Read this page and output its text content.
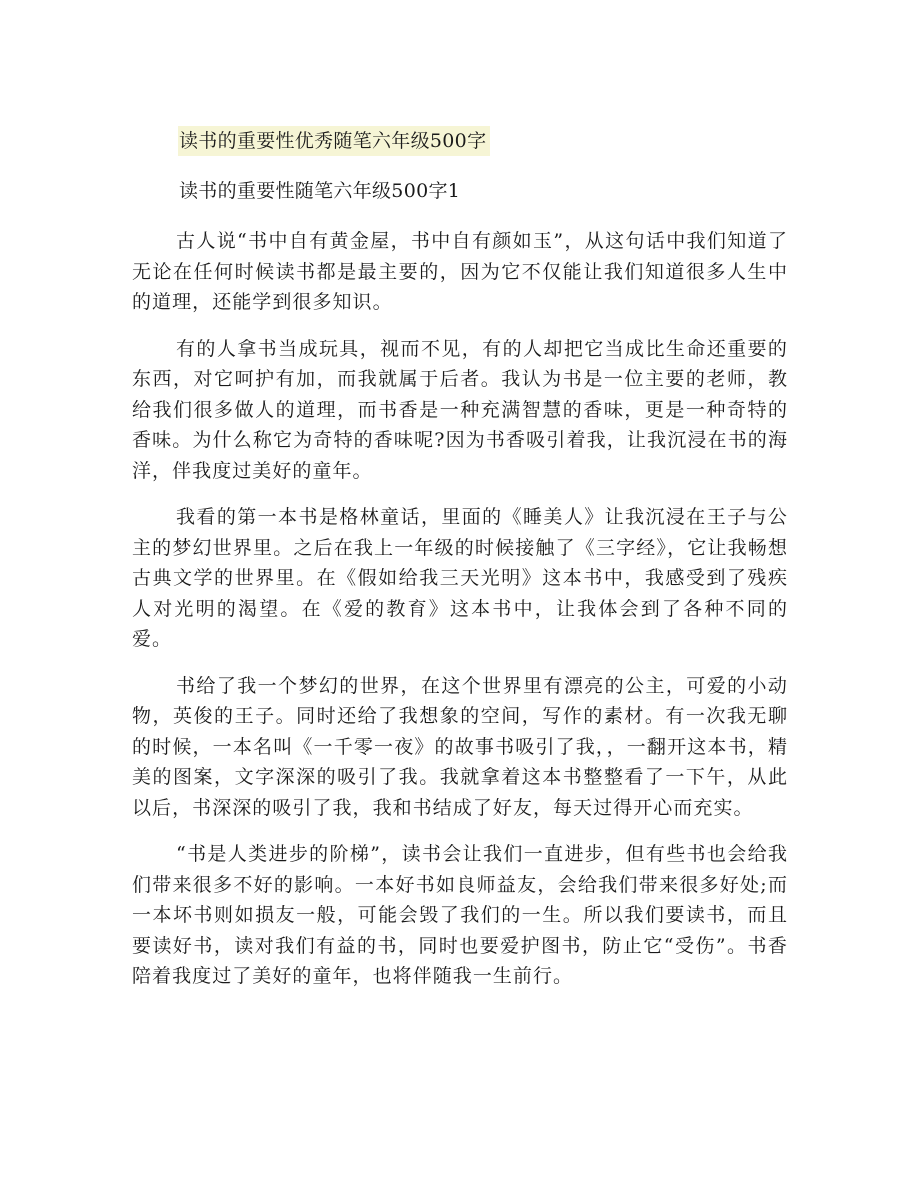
读书的重要性优秀随笔六年级500字
读书的重要性随笔六年级500字1

古人说“书中自有黄金屋，书中自有颜如玉”，从这句话中我们知道了无论在任何时候读书都是最主要的，因为它不仅能让我们知道很多人生中的道理，还能学到很多知识。

有的人拿书当成玩具，视而不见，有的人却把它当成比生命还重要的东西，对它呵护有加，而我就属于后者。我认为书是一位主要的老师，教给我们很多做人的道理，而书香是一种充满智慧的香味，更是一种奇特的香味。为什么称它为奇特的香味呢?因为书香吸引着我，让我沉浸在书的海洋，伴我度过美好的童年。

我看的第一本书是格林童话，里面的《睡美人》让我沉浸在王子与公主的梦幻世界里。之后在我上一年级的时候接触了《三字经》，它让我畅想古典文学的世界里。在《假如给我三天光明》这本书中，我感受到了残疾人对光明的渴望。在《爱的教育》这本书中，让我体会到了各种不同的爱。

书给了我一个梦幻的世界，在这个世界里有漂亮的公主，可爱的小动物，英俊的王子。同时还给了我想象的空间，写作的素材。有一次我无聊的时候，一本名叫《一千零一夜》的故事书吸引了我，，一翻开这本书，精美的图案，文字深深的吸引了我。我就拿着这本书整整看了一下午，从此以后，书深深的吸引了我，我和书结成了好友，每天过得开心而充实。

“书是人类进步的阶梯”，读书会让我们一直进步，但有些书也会给我们带来很多不好的影响。一本好书如良师益友，会给我们带来很多好处;而一本坏书则如损友一般，可能会毁了我们的一生。所以我们要读书，而且要读好书，读对我们有益的书，同时也要爱护图书，防止它“受伤”。书香陪着我度过了美好的童年，也将伴随我一生前行。
